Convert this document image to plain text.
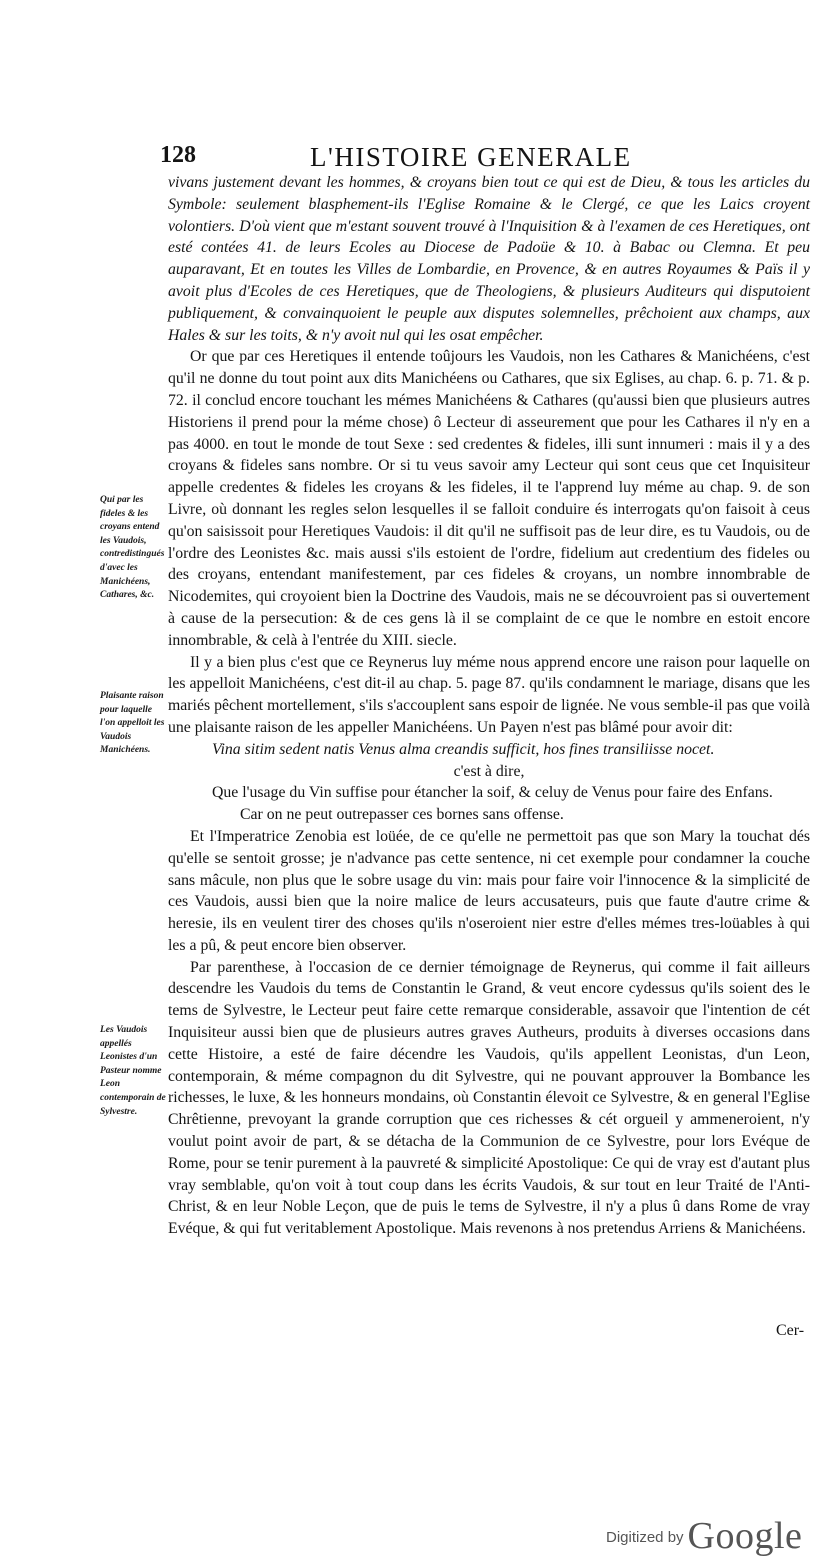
128	L'HISTOIRE GENERALE

vivans justement devant les hommes, & croyans bien tout ce qui est de Dieu, & tous les articles du Symbole: seulement blasphement-ils l'Eglise Romaine & le Clergé, ce que les Laics croyent volontiers. D'où vient que m'estant souvent trouvé à l'Inquisition & à l'examen de ces Heretiques, ont esté contées 41. de leurs Ecoles au Diocese de Padoüe & 10. à Babac ou Clemna. Et peu auparavant, Et en toutes les Villes de Lombardie, en Provence, & en autres Royaumes & Païs il y avoit plus d'Ecoles de ces Heretiques, que de Theologiens, & plusieurs Auditeurs qui disputoient publiquement, & convainquoient le peuple aux disputes solemnelles, prêchoient aux champs, aux Hales & sur les toits, & n'y avoit nul qui les osat empêcher.

Or que par ces Heretiques il entende toûjours les Vaudois, non les Cathares & Manichéens, c'est qu'il ne donne du tout point aux dits Manichéens ou Cathares, que six Eglises, au chap. 6. p. 71. & p. 72. il conclud encore touchant les mémes Manichéens & Cathares (qu'aussi bien que plusieurs autres Historiens il prend pour la méme chose) ô Lecteur di asseurement que pour les Cathares il n'y en a pas 4000. en tout le monde de tout Sexe : sed credentes & fideles, illi sunt innumeri : mais il y a des croyans & fideles sans nombre. Or si tu veus savoir amy Lecteur qui sont ceus que cet Inquisiteur appelle credentes & fideles les croyans & les fideles, il te l'apprend luy méme au chap. 9. de son Livre, où donnant les regles selon lesquelles il se falloit conduire és interrogats qu'on faisoit à ceus qu'on saisissoit pour Heretiques Vaudois: il dit qu'il ne suffisoit pas de leur dire, es tu Vaudois, ou de l'ordre des Leonistes &c. mais aussi s'ils estoient de l'ordre, fidelium aut credentium des fideles ou des croyans, entendant manifestement, par ces fideles & croyans, un nombre innombrable de Nicodemites, qui croyoient bien la Doctrine des Vaudois, mais ne se découvroient pas si ouvertement à cause de la persecution: & de ces gens là il se complaint de ce que le nombre en estoit encore innombrable, & celà à l'entrée du XIII. siecle.

Il y a bien plus c'est que ce Reynerus luy méme nous apprend encore une raison pour laquelle on les appelloit Manichéens, c'est dit-il au chap. 5. page 87. qu'ils condamnent le mariage, disans que les mariés pêchent mortellement, s'ils s'accouplent sans espoir de lignée. Ne vous semble-il pas que voilà une plaisante raison de les appeller Manichéens. Un Payen n'est pas blâmé pour avoir dit:

Vina sitim sedent natis Venus alma creandis sufficit, hos fines transiliisse nocet.

c'est à dire,

Que l'usage du Vin suffise pour étancher la soif, & celuy de Venus pour faire des Enfans.

Car on ne peut outrepasser ces bornes sans offense.

Et l'Imperatrice Zenobia est loüée, de ce qu'elle ne permettoit pas que son Mary la touchat dés qu'elle se sentoit grosse; je n'advance pas cette sentence, ni cet exemple pour condamner la couche sans mâcule, non plus que le sobre usage du vin: mais pour faire voir l'innocence & la simplicité de ces Vaudois, aussi bien que la noire malice de leurs accusateurs, puis que faute d'autre crime & heresie, ils en veulent tirer des choses qu'ils n'oseroient nier estre d'elles mémes tres-loüables à qui les a pû, & peut encore bien observer.

Par parenthese, à l'occasion de ce dernier témoignage de Reynerus, qui comme il fait ailleurs descendre les Vaudois du tems de Constantin le Grand, & veut encore cydessus qu'ils soient des le tems de Sylvestre, le Lecteur peut faire cette remarque considerable, assavoir que l'intention de cét Inquisiteur aussi bien que de plusieurs autres graves Autheurs, produits à diverses occasions dans cette Histoire, a esté de faire décendre les Vaudois, qu'ils appellent Leonistas, d'un Leon, contemporain, & méme compagnon du dit Sylvestre, qui ne pouvant approuver la Bombance les richesses, le luxe, & les honneurs mondains, où Constantin élevoit ce Sylvestre, & en general l'Eglise Chrêtienne, prevoyant la grande corruption que ces richesses & cét orgueil y ammeneroient, n'y voulut point avoir de part, & se détacha de la Communion de ce Sylvestre, pour lors Evéque de Rome, pour se tenir purement à la pauvreté & simplicité Apostolique: Ce qui de vray est d'autant plus vray semblable, qu'on voit à tout coup dans les écrits Vaudois, & sur tout en leur Traité de l'Anti-Christ, & en leur Noble Leçon, que de puis le tems de Sylvestre, il n'y a plus û dans Rome de vray Evéque, & qui fut veritablement Apostolique. Mais revenons à nos pretendus Arriens & Manichéens.

Qui par les fideles & les croyans entend les Vaudois, contredistingués d'avec les Manichéens, Cathares, &c.
Plaisante raison pour laquelle l'on appelloit les Vaudois Manichéens.
Les Vaudois appellés Leonistes d'un Pasteur nomme Leon contemporain de Sylvestre.
Cer-
Digitized by Google
